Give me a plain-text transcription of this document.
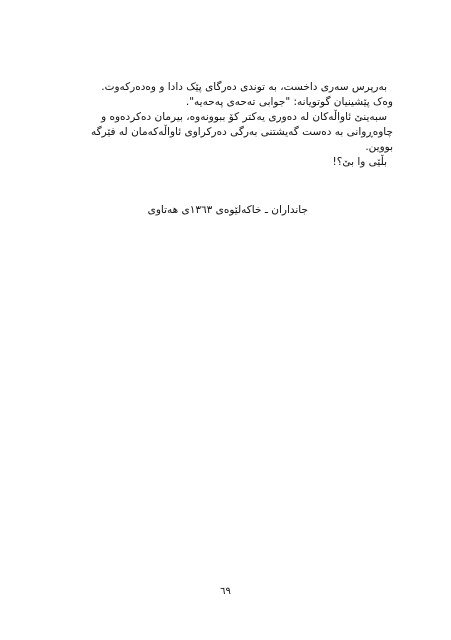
بەرپرس سەری داخست، بە توندی دەرگای پێک دادا و وەدەرکەوت.

وەک پێشینیان گوتویانە: "جوابی تەحەی پەحەیە".

سبەینێ ئاواڵەکان لە دەوری یەکتر کۆ ببوونەوە، بیرمان دەکردەوە و

چاوەڕوانی بە دەست گەیشتنی بەرگی دەرکراوی ئاواڵەکەمان لە فێرگە

بووین.

بڵێی وا بێ؟!

جانداران ـ خاکەلێوەی ١٣٦٣ی هەتاوی
٦٩
